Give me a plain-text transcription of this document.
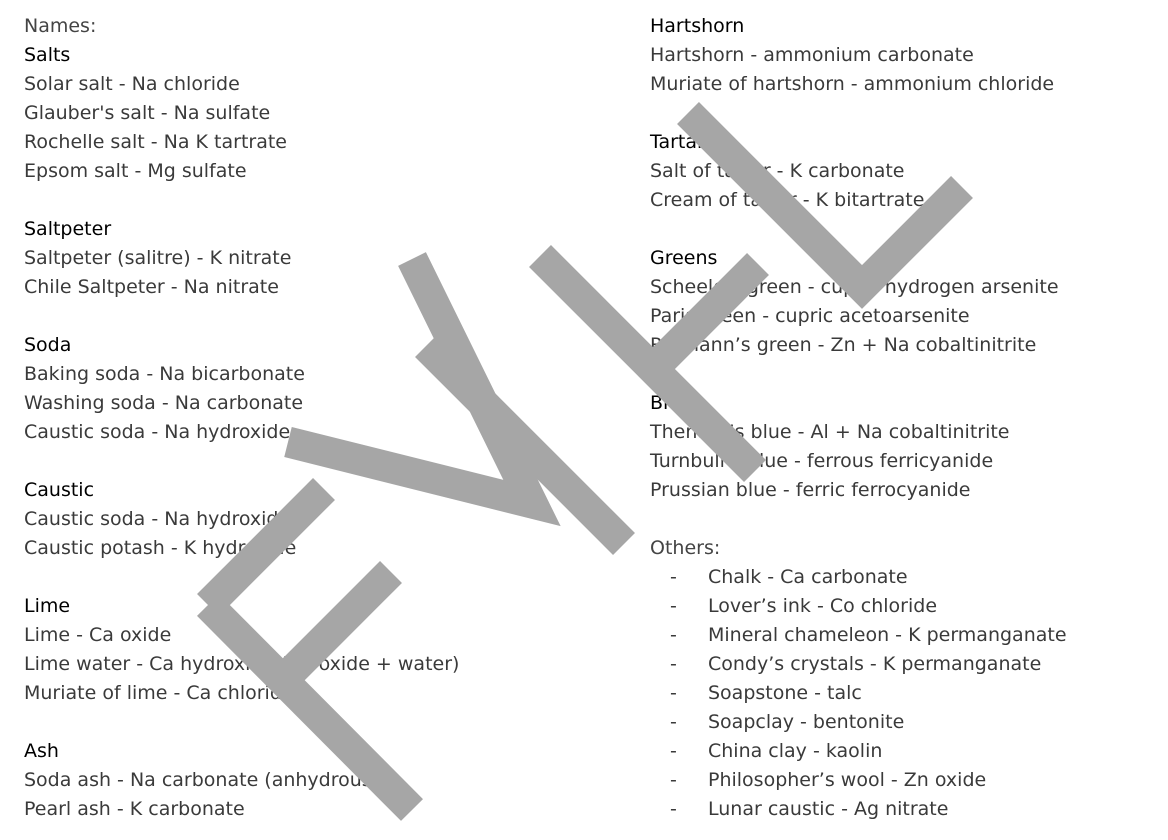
Names:
Salts
Solar salt - Na chloride
Glauber's salt - Na sulfate
Rochelle salt - Na K tartrate
Epsom salt - Mg sulfate
Saltpeter
Saltpeter (salitre) - K nitrate
Chile Saltpeter - Na nitrate
Soda
Baking soda - Na bicarbonate
Washing soda - Na carbonate
Caustic soda - Na hydroxide
Caustic
Caustic soda - Na hydroxide
Caustic potash - K hydroxide
Lime
Lime - Ca oxide
Lime water - Ca hydroxide (Ca oxide + water)
Muriate of lime - Ca chloride
Ash
Soda ash - Na carbonate (anhydrous)
Pearl ash - K carbonate
Hartshorn
Hartshorn - ammonium carbonate
Muriate of hartshorn - ammonium chloride
Tartar
Salt of tartar - K carbonate
Cream of tartar - K bitartrate
Greens
Scheele’s green - cupric hydrogen arsenite
Paris green - cupric acetoarsenite
Rinmann’s green - Zn + Na cobaltinitrite
Blues
Thenard’s blue - Al + Na cobaltinitrite
Turnbull’s blue - ferrous ferricyanide
Prussian blue - ferric ferrocyanide
Others:
-	Chalk - Ca carbonate
-	Lover’s ink - Co chloride
-	Mineral chameleon - K permanganate
-	Condy’s crystals - K permanganate
-	Soapstone - talc
-	Soapclay - bentonite
-	China clay - kaolin
-	Philosopher’s wool - Zn oxide
-	Lunar caustic - Ag nitrate
